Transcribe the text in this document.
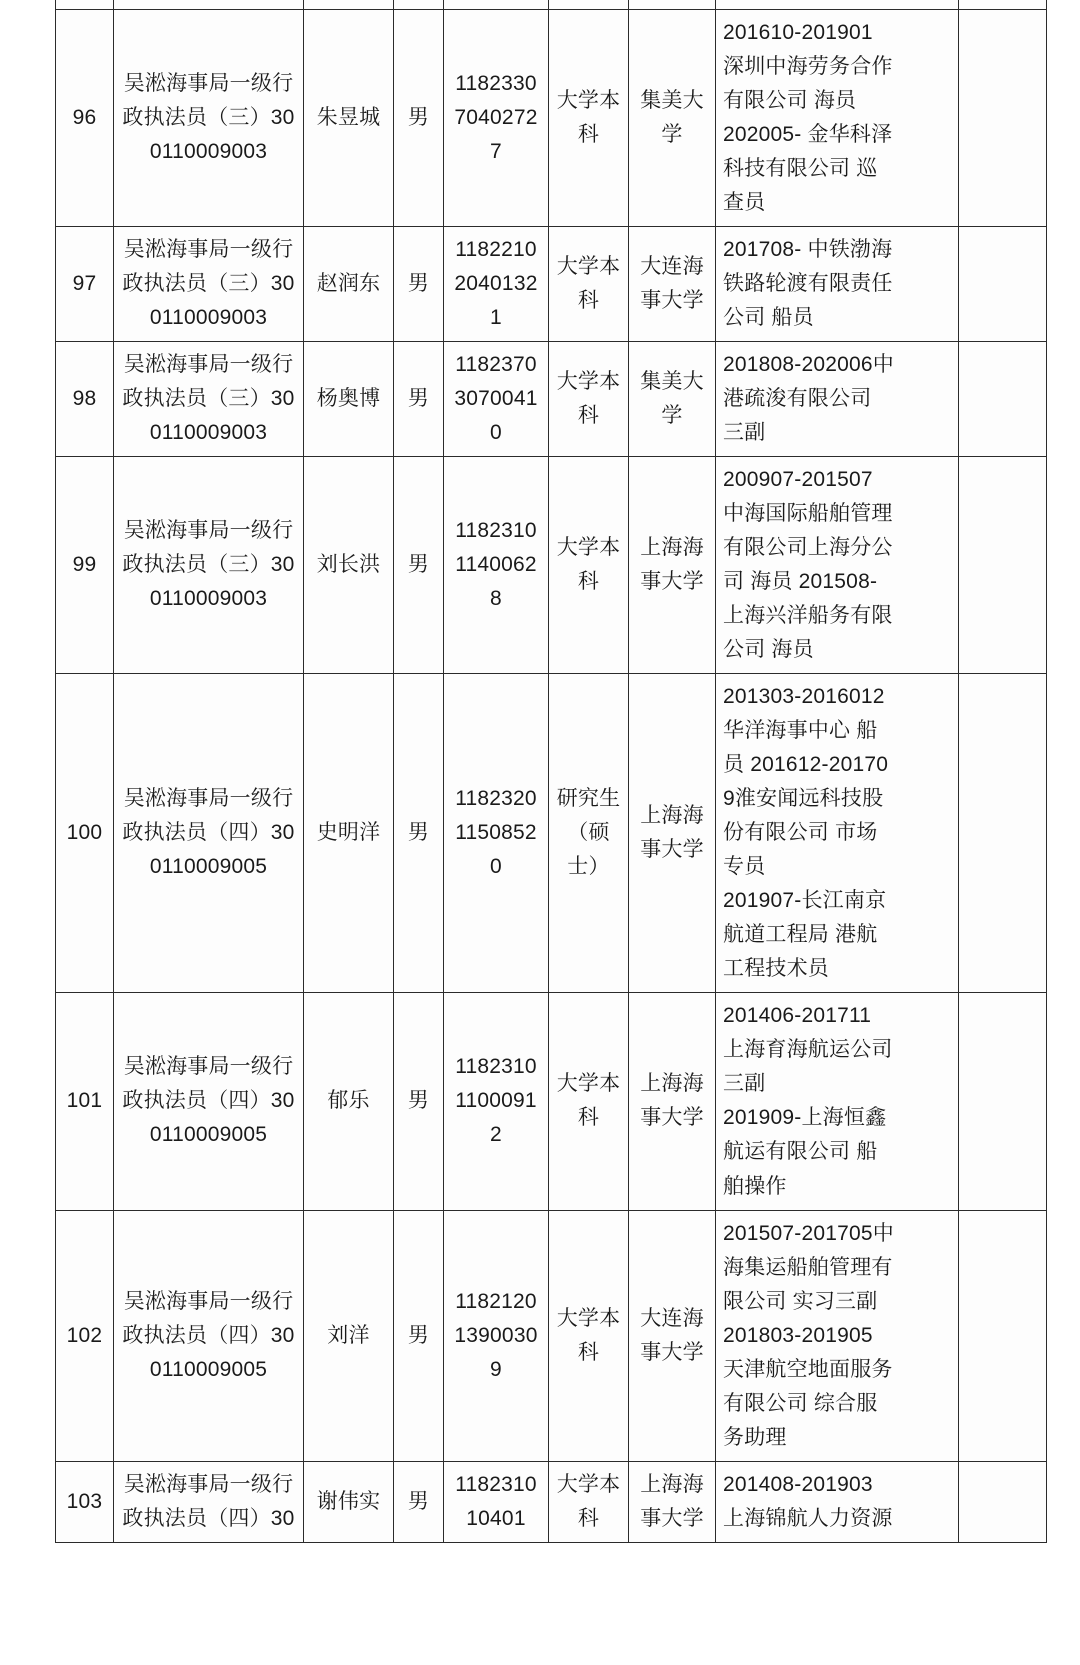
96	吴淞海事局一级行政执法员（三）300110009003	朱昱城	男	118233070402727	大学本科	集美大学	
201610-201901
深圳中海劳务合作
有限公司 海员
202005- 金华科泽
科技有限公司 巡
查员

97	吴淞海事局一级行政执法员（三）300110009003	赵润东	男	118221020401321	大学本科	大连海事大学	201708- 中铁渤海
铁路轮渡有限责任
公司 船员	

98	吴淞海事局一级行政执法员（三）300110009003	杨奥博	男	118237030700410	大学本科	集美大学	201808-202006中
港疏浚有限公司
三副	

99	吴淞海事局一级行政执法员（三）300110009003	刘长洪	男	118231011400628	大学本科	上海海事大学	
200907-201507
中海国际船舶管理
有限公司上海分公
司 海员 201508-
上海兴洋船务有限
公司 海员

100	吴淞海事局一级行政执法员（四）300110009005	史明洋	男	118232011508520	研究生（硕士）	上海海事大学	
201303-2016012
华洋海事中心 船
员 201612-20170
9淮安闻远科技股
份有限公司 市场
专员
201907-长江南京
航道工程局 港航
工程技术员

101	吴淞海事局一级行政执法员（四）300110009005	郁乐	男	118231011000912	大学本科	上海海事大学	
201406-201711
上海育海航运公司
三副
201909-上海恒鑫
航运有限公司 船
舶操作

102	吴淞海事局一级行政执法员（四）300110009005	刘洋	男	118212013900309	大学本科	大连海事大学	
201507-201705中
海集运船舶管理有
限公司 实习三副
201803-201905
天津航空地面服务
有限公司 综合服
务助理

103	吴淞海事局一级行政执法员（四）30	谢伟实	男	118231010401	大学本科	上海海事大学	201408-201903
上海锦航人力资源	
